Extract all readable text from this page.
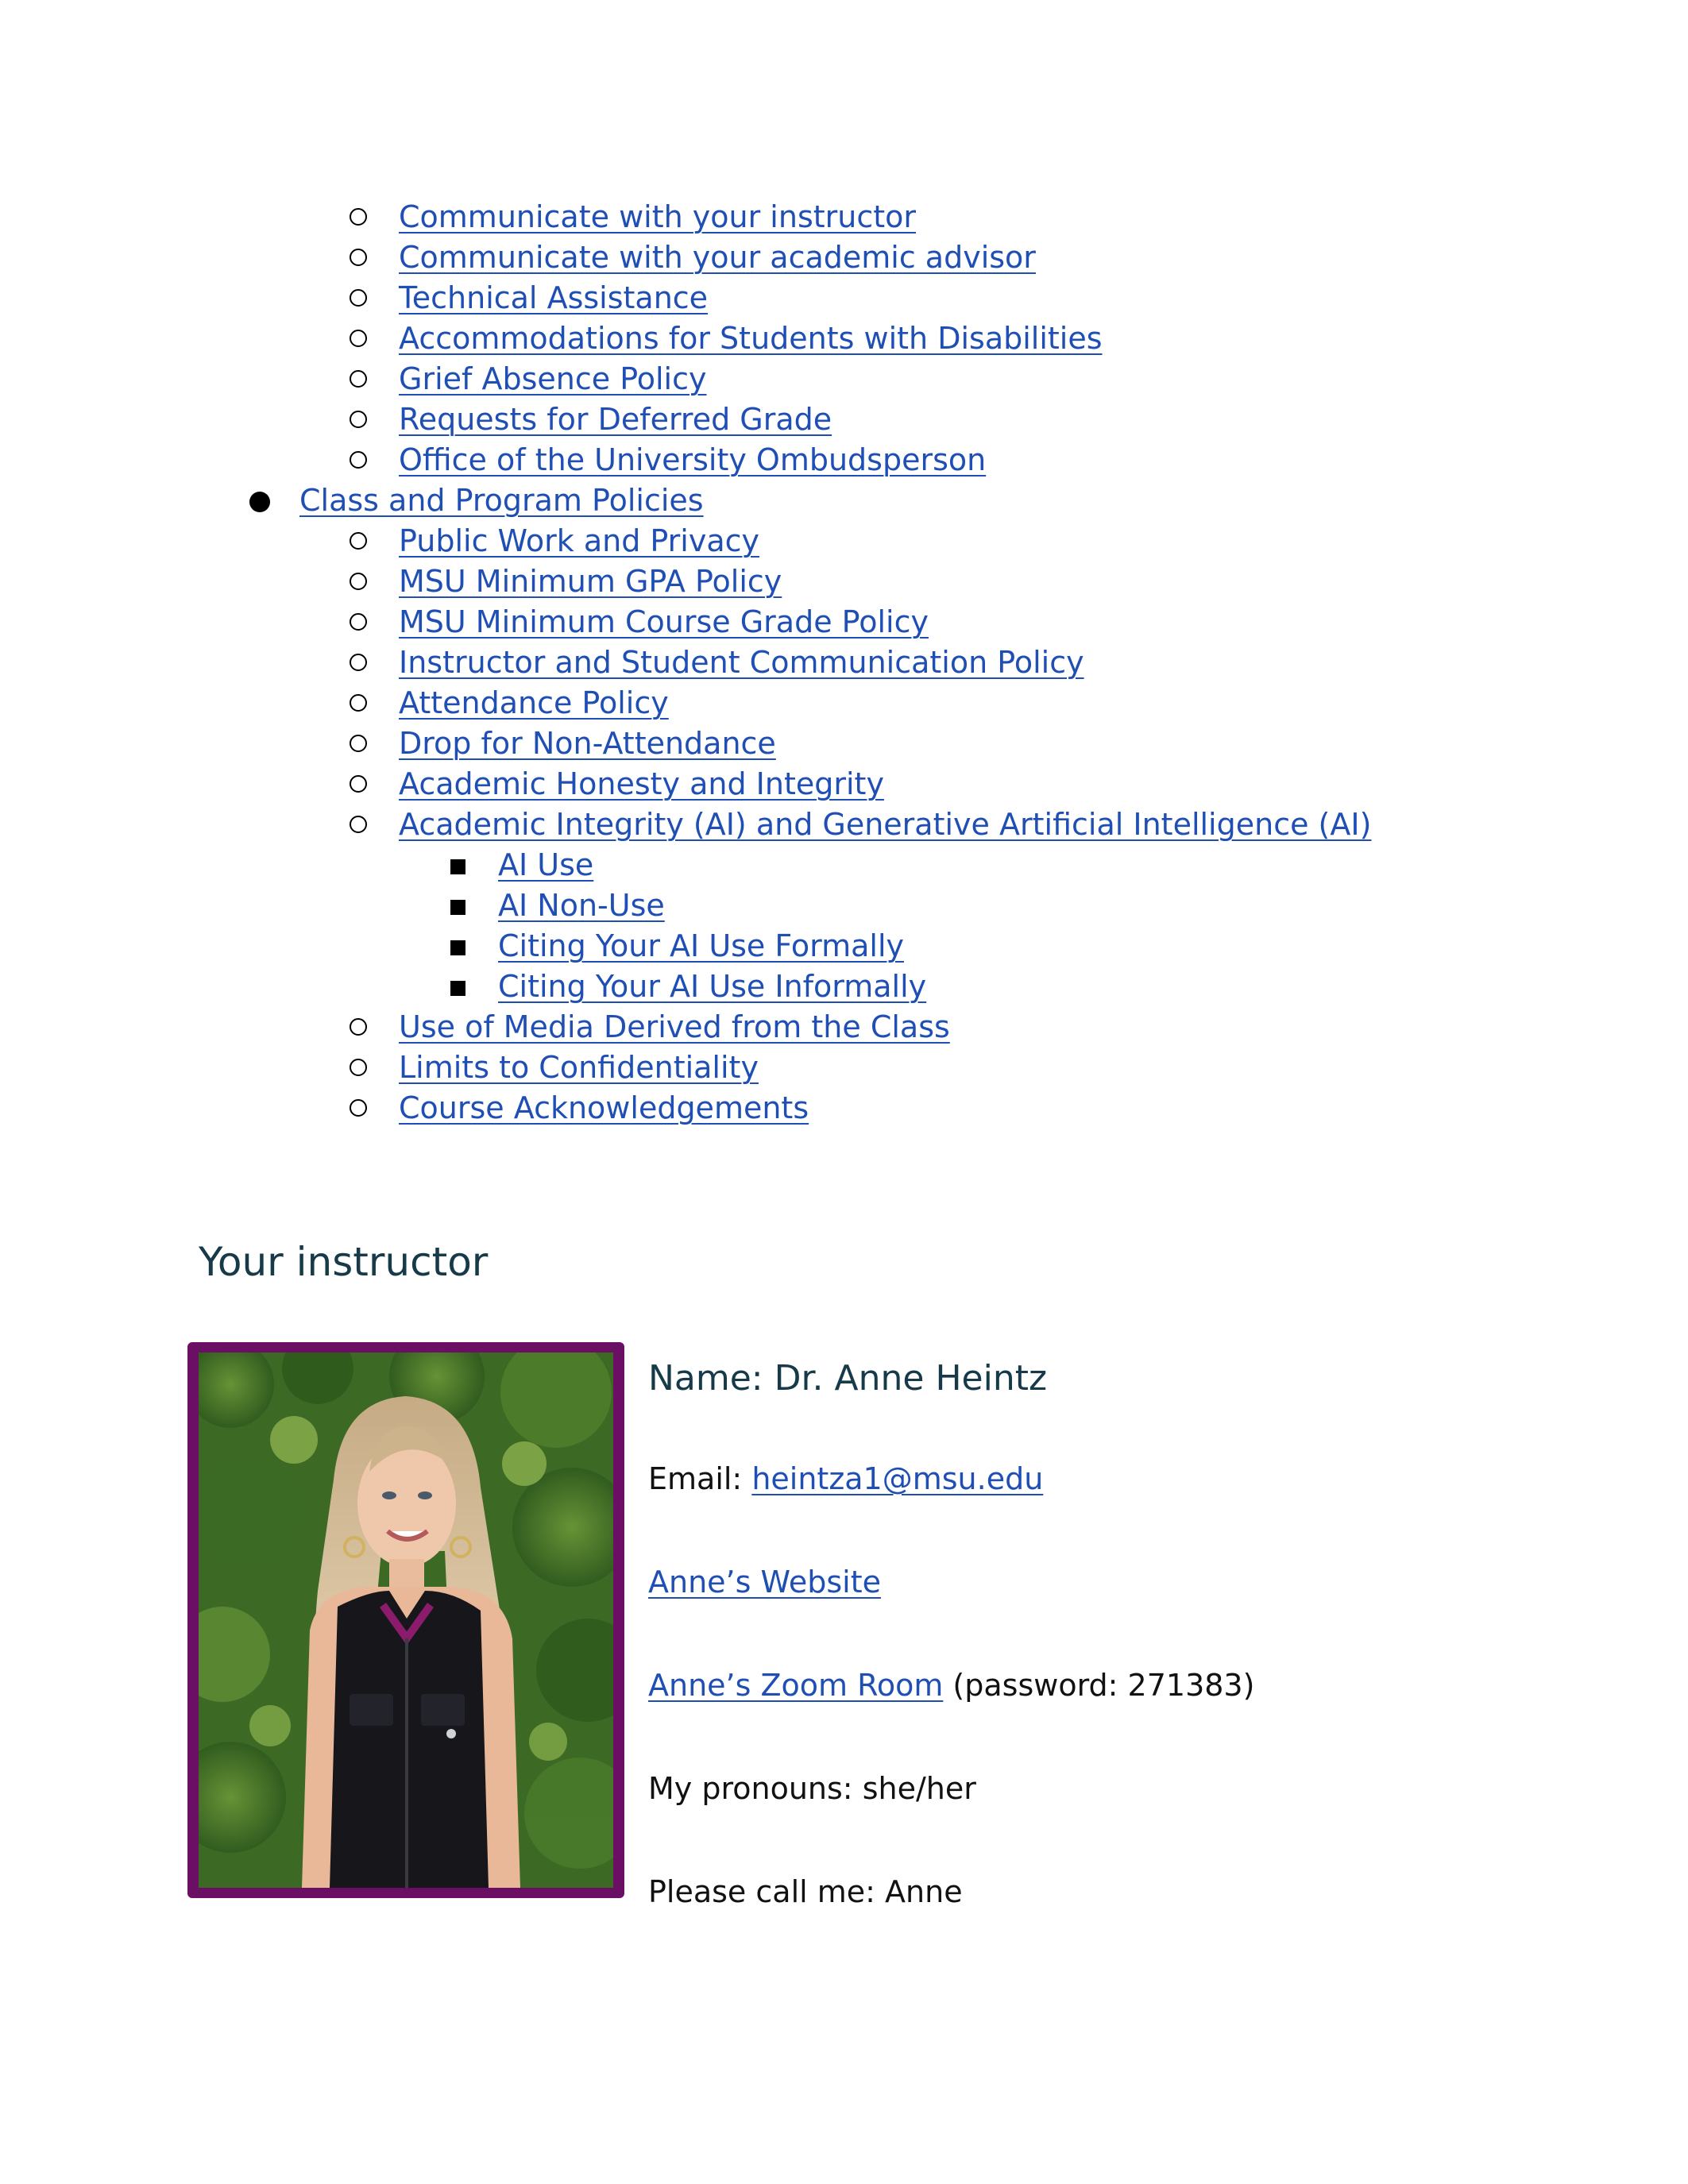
Communicate with your instructor
Communicate with your academic advisor
Technical Assistance
Accommodations for Students with Disabilities
Grief Absence Policy
Requests for Deferred Grade
Office of the University Ombudsperson
Class and Program Policies
Public Work and Privacy
MSU Minimum GPA Policy
MSU Minimum Course Grade Policy
Instructor and Student Communication Policy
Attendance Policy
Drop for Non-Attendance
Academic Honesty and Integrity
Academic Integrity (AI) and Generative Artificial Intelligence (AI)
AI Use
AI Non-Use
Citing Your AI Use Formally
Citing Your AI Use Informally
Use of Media Derived from the Class
Limits to Confidentiality
Course Acknowledgements
Your instructor
Name: Dr. Anne Heintz
Email: heintza1@msu.edu
Anne’s Website
Anne’s Zoom Room (password: 271383)
My pronouns: she/her
Please call me: Anne
